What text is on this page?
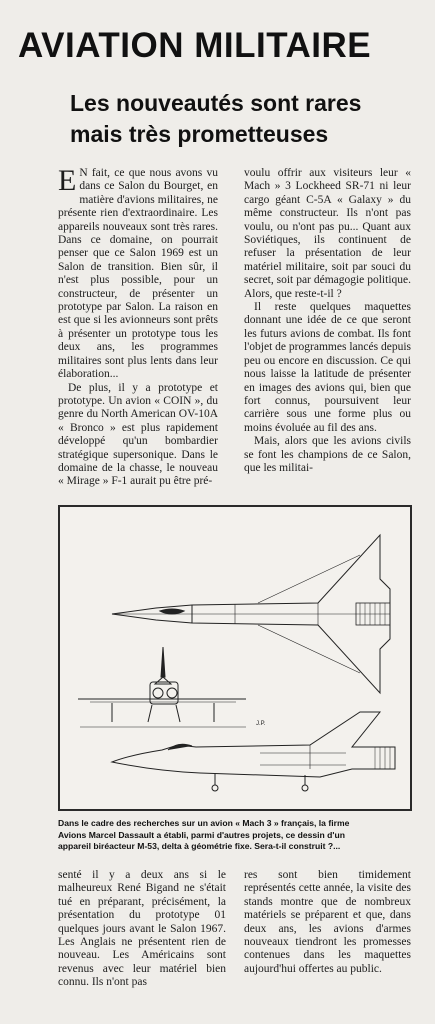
AVIATION MILITAIRE
Les nouveautés sont rares
mais très prometteuses

E N fait, ce que nous avons vu dans ce Salon du Bourget, en matière d'avions militaires, ne présente rien d'extraordinaire. Les appareils nouveaux sont très rares. Dans ce domaine, on pourrait penser que ce Salon 1969 est un Salon de transition. Bien sûr, il n'est plus possible, pour un constructeur, de présenter un prototype par Salon. La raison en est que si les avionneurs sont prêts à présenter un prototype tous les deux ans, les programmes militaires sont plus lents dans leur élaboration...

De plus, il y a prototype et prototype. Un avion « COIN », du genre du North American OV-10A « Bronco » est plus rapidement développé qu'un bombardier stratégique supersonique. Dans le domaine de la chasse, le nouveau « Mirage » F-1 aurait pu être pré-

voulu offrir aux visiteurs leur « Mach » 3 Lockheed SR-71 ni leur cargo géant C-5A « Galaxy » du même constructeur. Ils n'ont pas voulu, ou n'ont pas pu... Quant aux Soviétiques, ils continuent de refuser la présentation de leur matériel militaire, soit par souci du secret, soit par démagogie politique. Alors, que reste-t-il ?

Il reste quelques maquettes donnant une idée de ce que seront les futurs avions de combat. Ils font l'objet de programmes lancés depuis peu ou encore en discussion. Ce qui nous laisse la latitude de présenter en images des avions qui, bien que fort connus, poursuivent leur carrière sous une forme plus ou moins évoluée au fil des ans.

Mais, alors que les avions civils se font les champions de ce Salon, que les militai-

J.P.
Dans le cadre des recherches sur un avion « Mach 3 » français, la firme
Avions Marcel Dassault a établi, parmi d'autres projets, ce dessin d'un
appareil biréacteur M-53, delta à géométrie fixe. Sera-t-il construit ?...

senté il y a deux ans si le malheureux René Bigand ne s'était tué en préparant, précisément, la présentation du prototype 01 quelques jours avant le Salon 1967. Les Anglais ne présentent rien de nouveau. Les Américains sont revenus avec leur matériel bien connu. Ils n'ont pas

res sont bien timidement représentés cette année, la visite des stands montre que de nombreux matériels se préparent et que, dans deux ans, les avions d'armes nouveaux tiendront les promesses contenues dans les maquettes aujourd'hui offertes au public.
